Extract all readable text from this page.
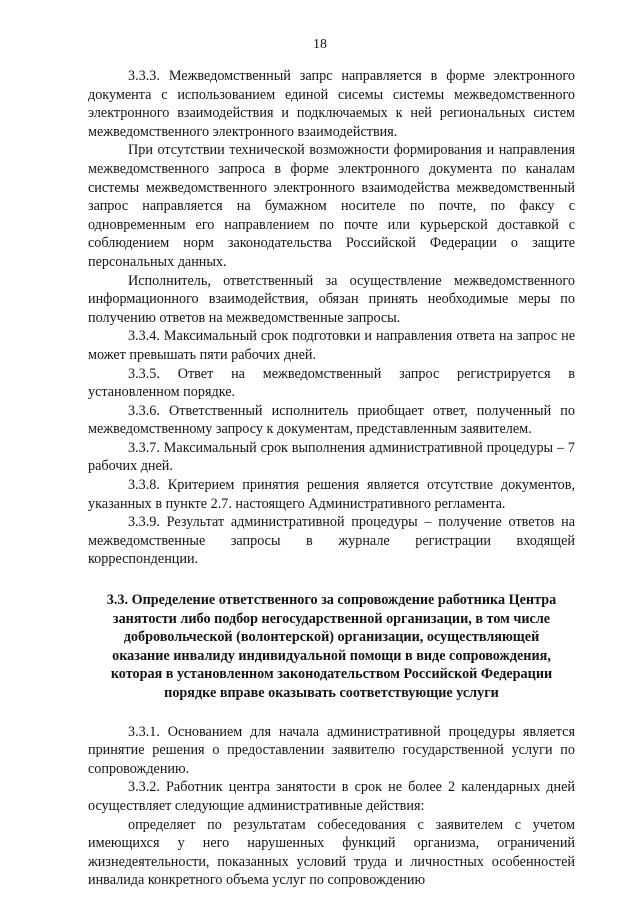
18

3.3.3. Межведомственный запрс направляется в форме электронного документа с использованием единой сисемы системы межведомственного электронного взаимодействия и подключаемых к ней региональных систем межведомственного электронного взаимодействия.

При отсутствии технической возможности формирования и направления межведомственного запроса в форме электронного документа по каналам системы межведомственного электронного взаимодейства межведомственный запрос направляется на бумажном носителе по почте, по факсу с одновременным его направлением по почте или курьерской доставкой с соблюдением норм законодательства Российской Федерации о защите персональных данных.

Исполнитель, ответственный за осуществление межведомственного информационного взаимодействия, обязан принять необходимые меры по получению ответов на межведомственные запросы.

3.3.4. Максимальный срок подготовки и направления ответа на запрос не может превышать пяти рабочих дней.

3.3.5. Ответ на межведомственный запрос регистрируется в установленном порядке.

3.3.6. Ответственный исполнитель приобщает ответ, полученный по межведомственному запросу к документам, представленным заявителем.

3.3.7. Максимальный срок выполнения административной процедуры – 7 рабочих дней.

3.3.8. Критерием принятия решения является отсутствие документов, указанных в пункте 2.7. настоящего Административного регламента.

3.3.9. Результат административной процедуры – получение ответов на межведомственные запросы в журнале регистрации входящей корреспонденции.

3.3. Определение ответственного за сопровождение работника Центра занятости либо подбор негосударственной организации, в том числе добровольческой (волонтерской) организации, осуществляющей оказание инвалиду индивидуальной помощи в виде сопровождения, которая в установленном законодательством Российской Федерации порядке вправе оказывать соответствующие услуги

3.3.1. Основанием для начала административной процедуры является принятие решения о предоставлении заявителю государственной услуги по сопровождению.

3.3.2. Работник центра занятости в срок не более 2 календарных дней осуществляет следующие административные действия:

определяет по результатам собеседования с заявителем с учетом имеющихся у него нарушенных функций организма, ограничений жизнедеятельности, показанных условий труда и личностных особенностей инвалида конкретного объема услуг по сопровождению
